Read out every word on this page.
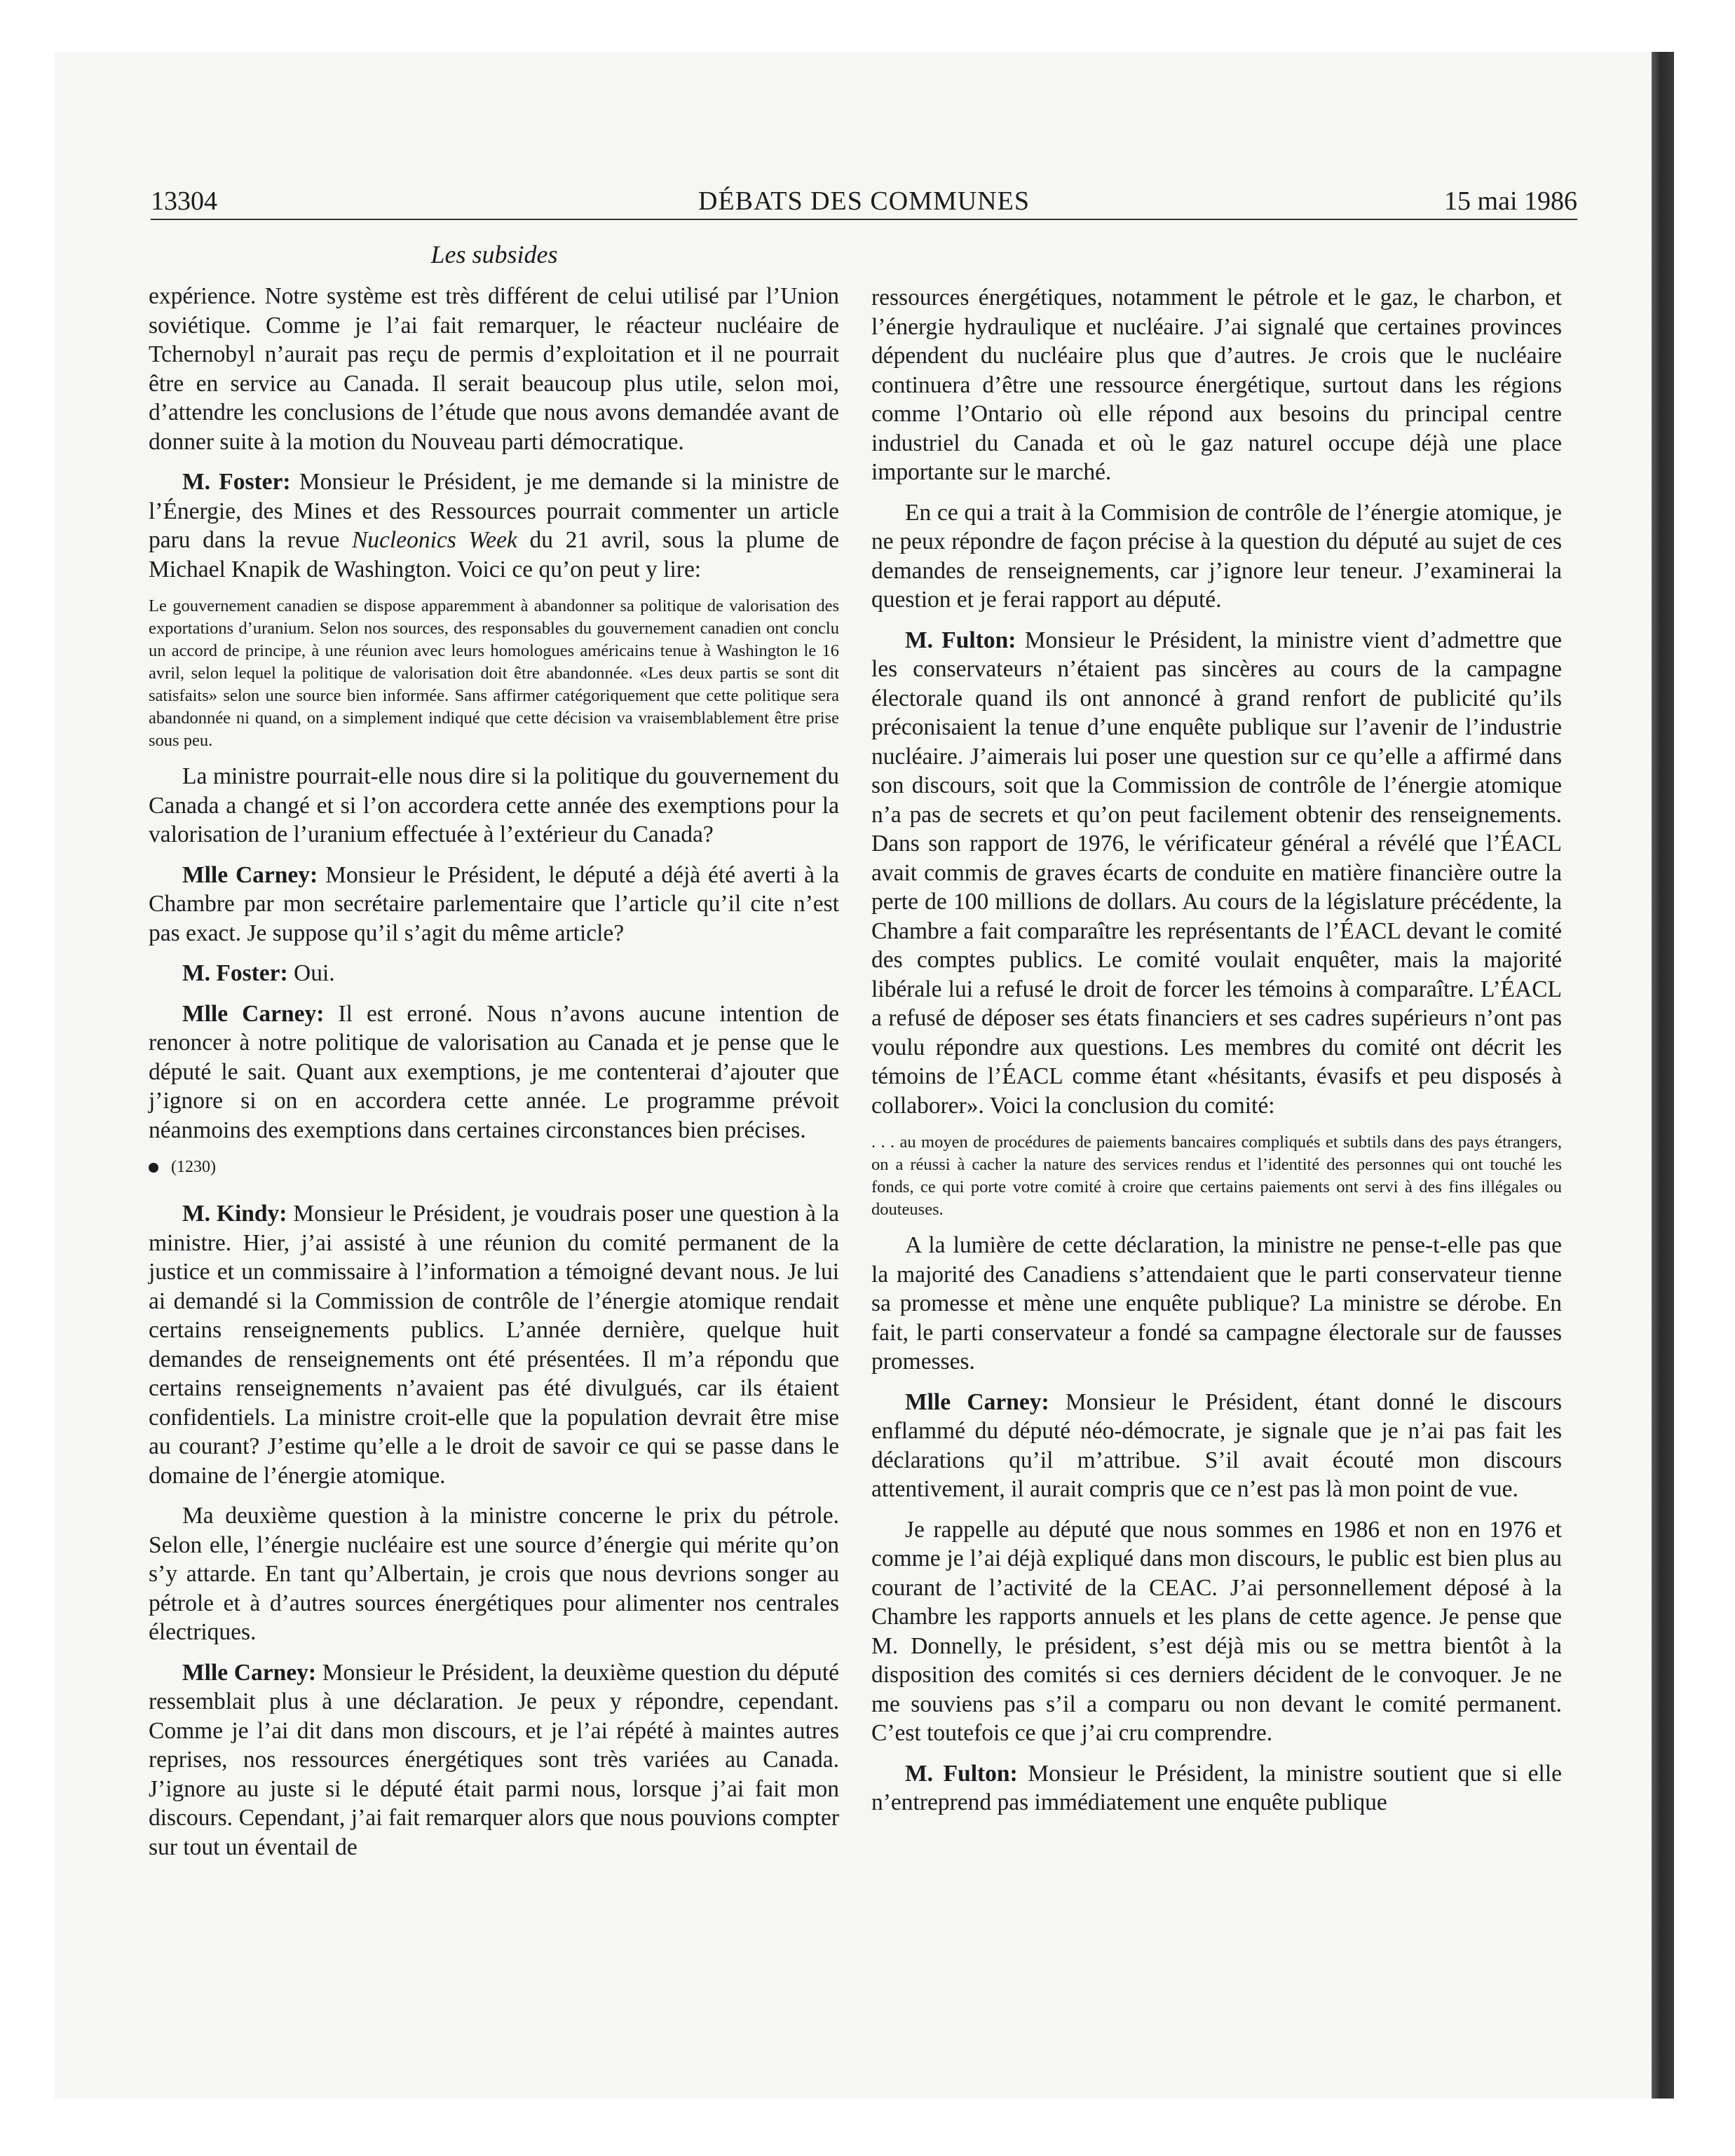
13304	DÉBATS DES COMMUNES	15 mai 1986
Les subsides

expérience. Notre système est très différent de celui utilisé par l’Union soviétique. Comme je l’ai fait remarquer, le réacteur nucléaire de Tchernobyl n’aurait pas reçu de permis d’exploitation et il ne pourrait être en service au Canada. Il serait beaucoup plus utile, selon moi, d’attendre les conclusions de l’étude que nous avons demandée avant de donner suite à la motion du Nouveau parti démocratique.

M. Foster: Monsieur le Président, je me demande si la ministre de l’Énergie, des Mines et des Ressources pourrait commenter un article paru dans la revue Nucleonics Week du 21 avril, sous la plume de Michael Knapik de Washington. Voici ce qu’on peut y lire:

Le gouvernement canadien se dispose apparemment à abandonner sa politique de valorisation des exportations d’uranium. Selon nos sources, des responsables du gouvernement canadien ont conclu un accord de principe, à une réunion avec leurs homologues américains tenue à Washington le 16 avril, selon lequel la politique de valorisation doit être abandonnée. «Les deux partis se sont dit satisfaits» selon une source bien informée. Sans affirmer catégoriquement que cette politique sera abandonnée ni quand, on a simplement indiqué que cette décision va vraisemblablement être prise sous peu.

La ministre pourrait-elle nous dire si la politique du gouvernement du Canada a changé et si l’on accordera cette année des exemptions pour la valorisation de l’uranium effectuée à l’extérieur du Canada?

Mlle Carney: Monsieur le Président, le député a déjà été averti à la Chambre par mon secrétaire parlementaire que l’article qu’il cite n’est pas exact. Je suppose qu’il s’agit du même article?

M. Foster: Oui.

Mlle Carney: Il est erroné. Nous n’avons aucune intention de renoncer à notre politique de valorisation au Canada et je pense que le député le sait. Quant aux exemptions, je me contenterai d’ajouter que j’ignore si on en accordera cette année. Le programme prévoit néanmoins des exemptions dans certaines circonstances bien précises.

(1230)

M. Kindy: Monsieur le Président, je voudrais poser une question à la ministre. Hier, j’ai assisté à une réunion du comité permanent de la justice et un commissaire à l’information a témoigné devant nous. Je lui ai demandé si la Commission de contrôle de l’énergie atomique rendait certains renseignements publics. L’année dernière, quelque huit demandes de renseignements ont été présentées. Il m’a répondu que certains renseignements n’avaient pas été divulgués, car ils étaient confidentiels. La ministre croit-elle que la population devrait être mise au courant? J’estime qu’elle a le droit de savoir ce qui se passe dans le domaine de l’énergie atomique.

Ma deuxième question à la ministre concerne le prix du pétrole. Selon elle, l’énergie nucléaire est une source d’énergie qui mérite qu’on s’y attarde. En tant qu’Albertain, je crois que nous devrions songer au pétrole et à d’autres sources énergétiques pour alimenter nos centrales électriques.

Mlle Carney: Monsieur le Président, la deuxième question du député ressemblait plus à une déclaration. Je peux y répondre, cependant. Comme je l’ai dit dans mon discours, et je l’ai répété à maintes autres reprises, nos ressources énergétiques sont très variées au Canada. J’ignore au juste si le député était parmi nous, lorsque j’ai fait mon discours. Cependant, j’ai fait remarquer alors que nous pouvions compter sur tout un éventail de

ressources énergétiques, notamment le pétrole et le gaz, le charbon, et l’énergie hydraulique et nucléaire. J’ai signalé que certaines provinces dépendent du nucléaire plus que d’autres. Je crois que le nucléaire continuera d’être une ressource énergétique, surtout dans les régions comme l’Ontario où elle répond aux besoins du principal centre industriel du Canada et où le gaz naturel occupe déjà une place importante sur le marché.

En ce qui a trait à la Commision de contrôle de l’énergie atomique, je ne peux répondre de façon précise à la question du député au sujet de ces demandes de renseignements, car j’ignore leur teneur. J’examinerai la question et je ferai rapport au député.

M. Fulton: Monsieur le Président, la ministre vient d’admettre que les conservateurs n’étaient pas sincères au cours de la campagne électorale quand ils ont annoncé à grand renfort de publicité qu’ils préconisaient la tenue d’une enquête publique sur l’avenir de l’industrie nucléaire. J’aimerais lui poser une question sur ce qu’elle a affirmé dans son discours, soit que la Commission de contrôle de l’énergie atomique n’a pas de secrets et qu’on peut facilement obtenir des renseignements. Dans son rapport de 1976, le vérificateur général a révélé que l’ÉACL avait commis de graves écarts de conduite en matière financière outre la perte de 100 millions de dollars. Au cours de la législature précédente, la Chambre a fait comparaître les représentants de l’ÉACL devant le comité des comptes publics. Le comité voulait enquêter, mais la majorité libérale lui a refusé le droit de forcer les témoins à comparaître. L’ÉACL a refusé de déposer ses états financiers et ses cadres supérieurs n’ont pas voulu répondre aux questions. Les membres du comité ont décrit les témoins de l’ÉACL comme étant «hésitants, évasifs et peu disposés à collaborer». Voici la conclusion du comité:

. . . au moyen de procédures de paiements bancaires compliqués et subtils dans des pays étrangers, on a réussi à cacher la nature des services rendus et l’identité des personnes qui ont touché les fonds, ce qui porte votre comité à croire que certains paiements ont servi à des fins illégales ou douteuses.

A la lumière de cette déclaration, la ministre ne pense-t-elle pas que la majorité des Canadiens s’attendaient que le parti conservateur tienne sa promesse et mène une enquête publique? La ministre se dérobe. En fait, le parti conservateur a fondé sa campagne électorale sur de fausses promesses.

Mlle Carney: Monsieur le Président, étant donné le discours enflammé du député néo-démocrate, je signale que je n’ai pas fait les déclarations qu’il m’attribue. S’il avait écouté mon discours attentivement, il aurait compris que ce n’est pas là mon point de vue.

Je rappelle au député que nous sommes en 1986 et non en 1976 et comme je l’ai déjà expliqué dans mon discours, le public est bien plus au courant de l’activité de la CEAC. J’ai personnellement déposé à la Chambre les rapports annuels et les plans de cette agence. Je pense que M. Donnelly, le président, s’est déjà mis ou se mettra bientôt à la disposition des comités si ces derniers décident de le convoquer. Je ne me souviens pas s’il a comparu ou non devant le comité permanent. C’est toutefois ce que j’ai cru comprendre.

M. Fulton: Monsieur le Président, la ministre soutient que si elle n’entreprend pas immédiatement une enquête publique
